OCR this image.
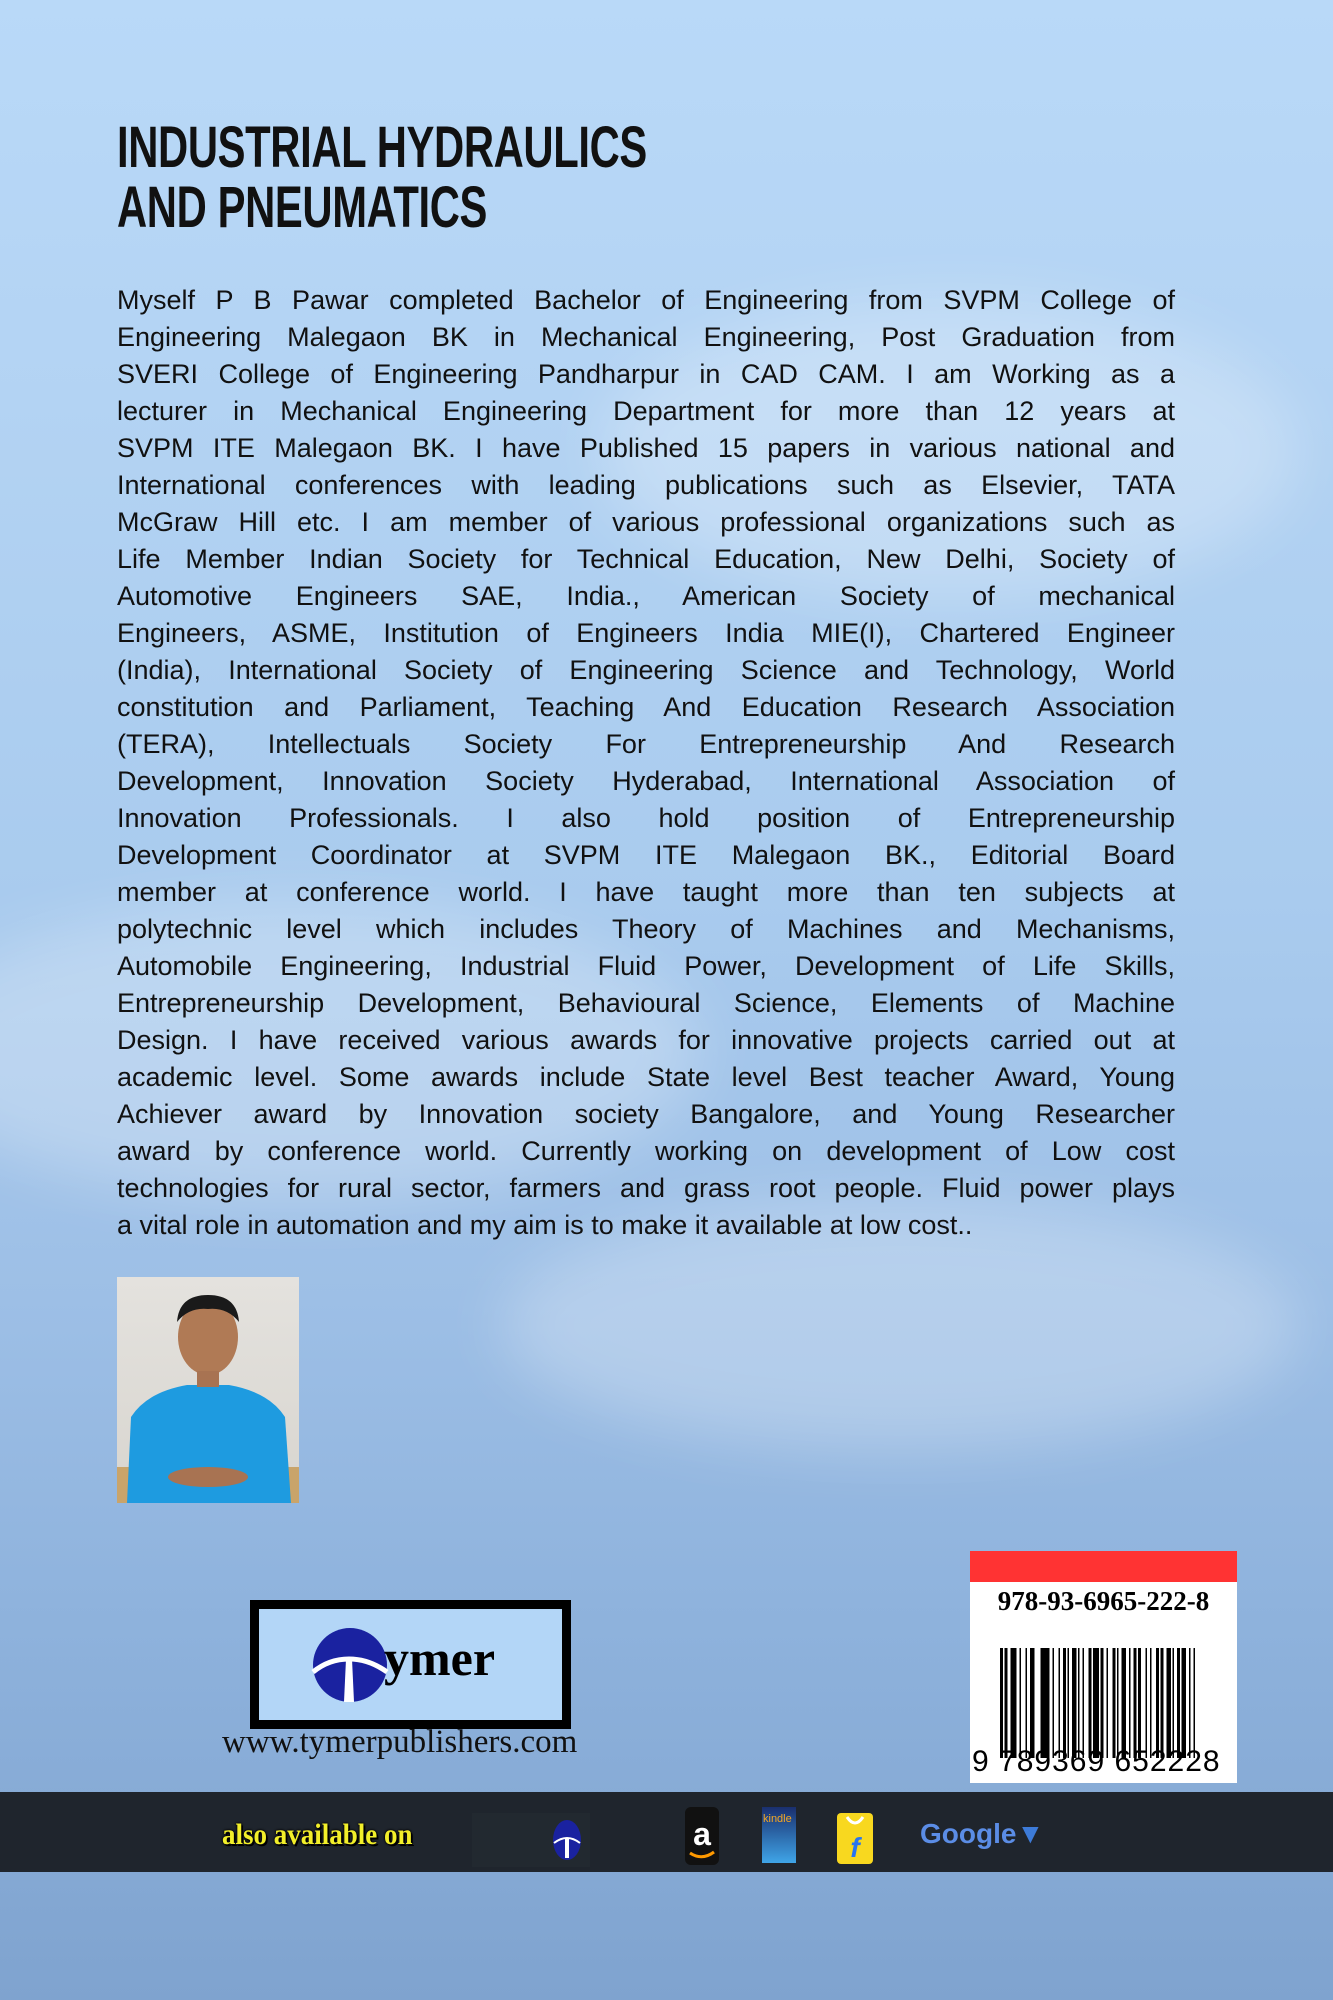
INDUSTRIAL HYDRAULICS
AND PNEUMATICS
Myself P B Pawar completed Bachelor of Engineering from SVPM College of
Engineering Malegaon BK in Mechanical Engineering, Post Graduation from
SVERI College of Engineering Pandharpur in CAD CAM. I am Working as a
lecturer in Mechanical Engineering Department for more than 12 years at
SVPM ITE Malegaon BK. I have Published 15 papers in various national and
International conferences with leading publications such as Elsevier, TATA
McGraw Hill etc. I am member of various professional organizations such as
Life Member Indian Society for Technical Education, New Delhi, Society of
Automotive Engineers SAE, India., American Society of mechanical
Engineers, ASME, Institution of Engineers India MIE(I), Chartered Engineer
(India), International Society of Engineering Science and Technology, World
constitution and Parliament, Teaching And Education Research Association
(TERA), Intellectuals Society For Entrepreneurship And Research
Development, Innovation Society Hyderabad, International Association of
Innovation Professionals. I also hold position of Entrepreneurship
Development Coordinator at SVPM ITE Malegaon BK., Editorial Board
member at conference world. I have taught more than ten subjects at
polytechnic level which includes Theory of Machines and Mechanisms,
Automobile Engineering, Industrial Fluid Power, Development of Life Skills,
Entrepreneurship Development, Behavioural Science, Elements of Machine
Design. I have received various awards for innovative projects carried out at
academic level. Some awards include State level Best teacher Award, Young
Achiever award by Innovation society Bangalore, and Young Researcher
award by conference world. Currently working on development of Low cost
technologies for rural sector, farmers and grass root people. Fluid power plays
a vital role in automation and my aim is to make it available at low cost..
ymer
www.tymerpublishers.com
978-93-6965-222-8
9 789369 652228
also available on	a	kindle
f Google▼
